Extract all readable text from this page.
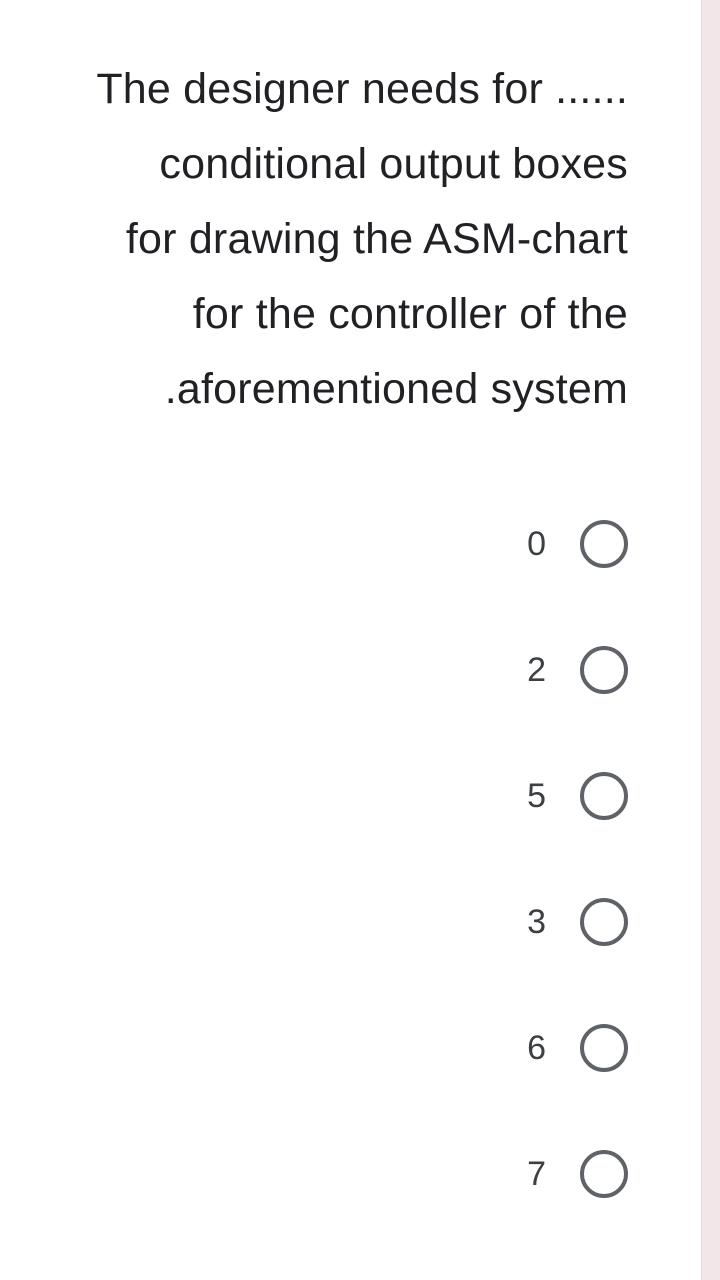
The designer needs for ......
conditional output boxes
for drawing the ASM-chart
for the controller of the
.aforementioned system
0
2
5
3
6
7
